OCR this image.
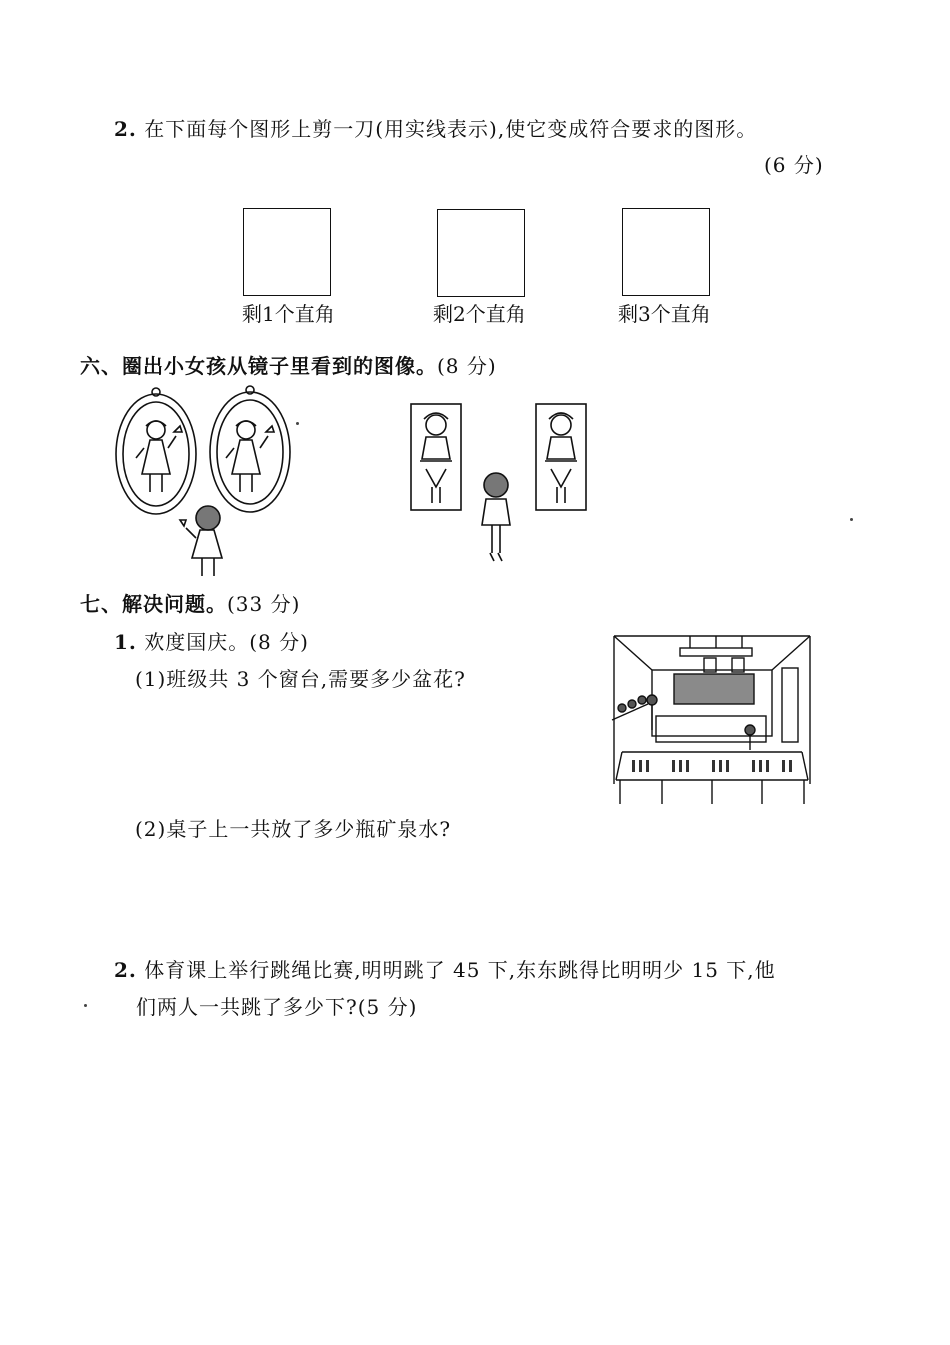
2. 在下面每个图形上剪一刀(用实线表示),使它变成符合要求的图形。
(6 分)
剩1个直角	剩2个直角	剩3个直角
六、圈出小女孩从镜子里看到的图像。(8 分)
七、解决问题。(33 分)
1. 欢度国庆。(8 分)
(1)班级共 3 个窗台,需要多少盆花?
(2)桌子上一共放了多少瓶矿泉水?
2. 体育课上举行跳绳比赛,明明跳了 45 下,东东跳得比明明少 15 下,他
们两人一共跳了多少下?(5 分)
